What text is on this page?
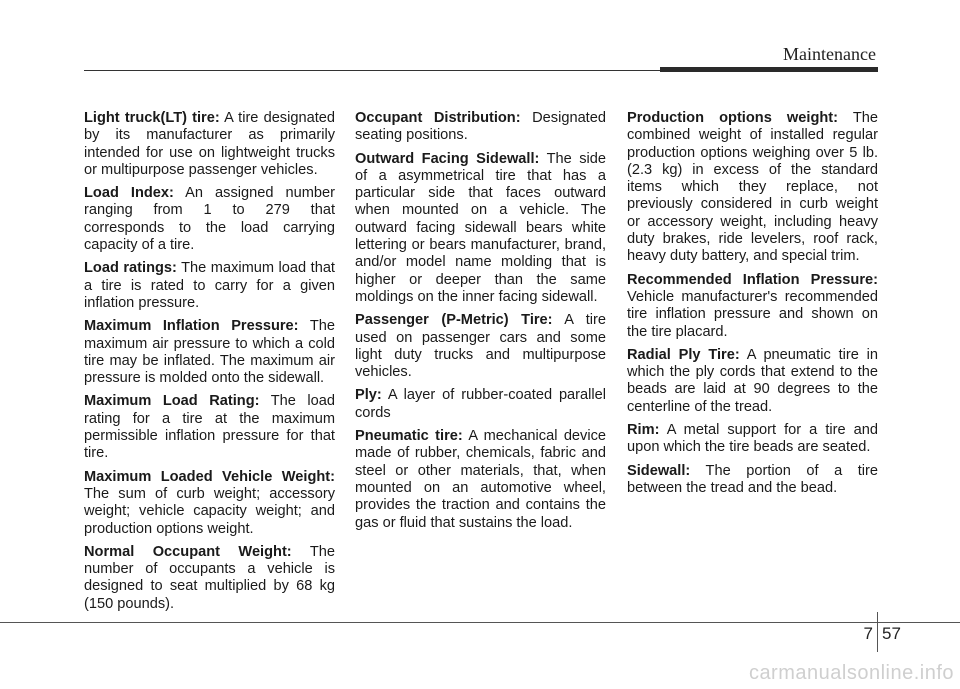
Maintenance

Light truck(LT) tire: A tire designated by its manufacturer as primarily intended for use on lightweight trucks or multipurpose passenger vehicles.

Load Index: An assigned number ranging from 1 to 279 that corresponds to the load carrying capacity of a tire.

Load ratings: The maximum load that a tire is rated to carry for a given inflation pressure.

Maximum Inflation Pressure: The maximum air pressure to which a cold tire may be inflated. The maximum air pressure is molded onto the sidewall.

Maximum Load Rating: The load rating for a tire at the maximum permissible inflation pressure for that tire.

Maximum Loaded Vehicle Weight: The sum of curb weight; accessory weight; vehicle capacity weight; and production options weight.

Normal Occupant Weight: The number of occupants a vehicle is designed to seat multiplied by 68 kg (150 pounds).

Occupant Distribution: Designated seating positions.

Outward Facing Sidewall: The side of a asymmetrical tire that has a particular side that faces outward when mounted on a vehicle. The outward facing sidewall bears white lettering or bears manufacturer, brand, and/or model name molding that is higher or deeper than the same moldings on the inner facing sidewall.

Passenger (P-Metric) Tire: A tire used on passenger cars and some light duty trucks and multipurpose vehicles.

Ply: A layer of rubber-coated parallel cords

Pneumatic tire: A mechanical device made of rubber, chemicals, fabric and steel or other materials, that, when mounted on an automotive wheel, provides the traction and contains the gas or fluid that sustains the load.

Production options weight: The combined weight of installed regular production options weighing over 5 lb.(2.3 kg) in excess of the standard items which they replace, not previously considered in curb weight or accessory weight, including heavy duty brakes, ride levelers, roof rack, heavy duty battery, and special trim.

Recommended Inflation Pressure: Vehicle manufacturer's recommended tire inflation pressure and shown on the tire placard.

Radial Ply Tire: A pneumatic tire in which the ply cords that extend to the beads are laid at 90 degrees to the centerline of the tread.

Rim: A metal support for a tire and upon which the tire beads are seated.

Sidewall: The portion of a tire between the tread and the bead.

7 57
carmanualsonline.info
